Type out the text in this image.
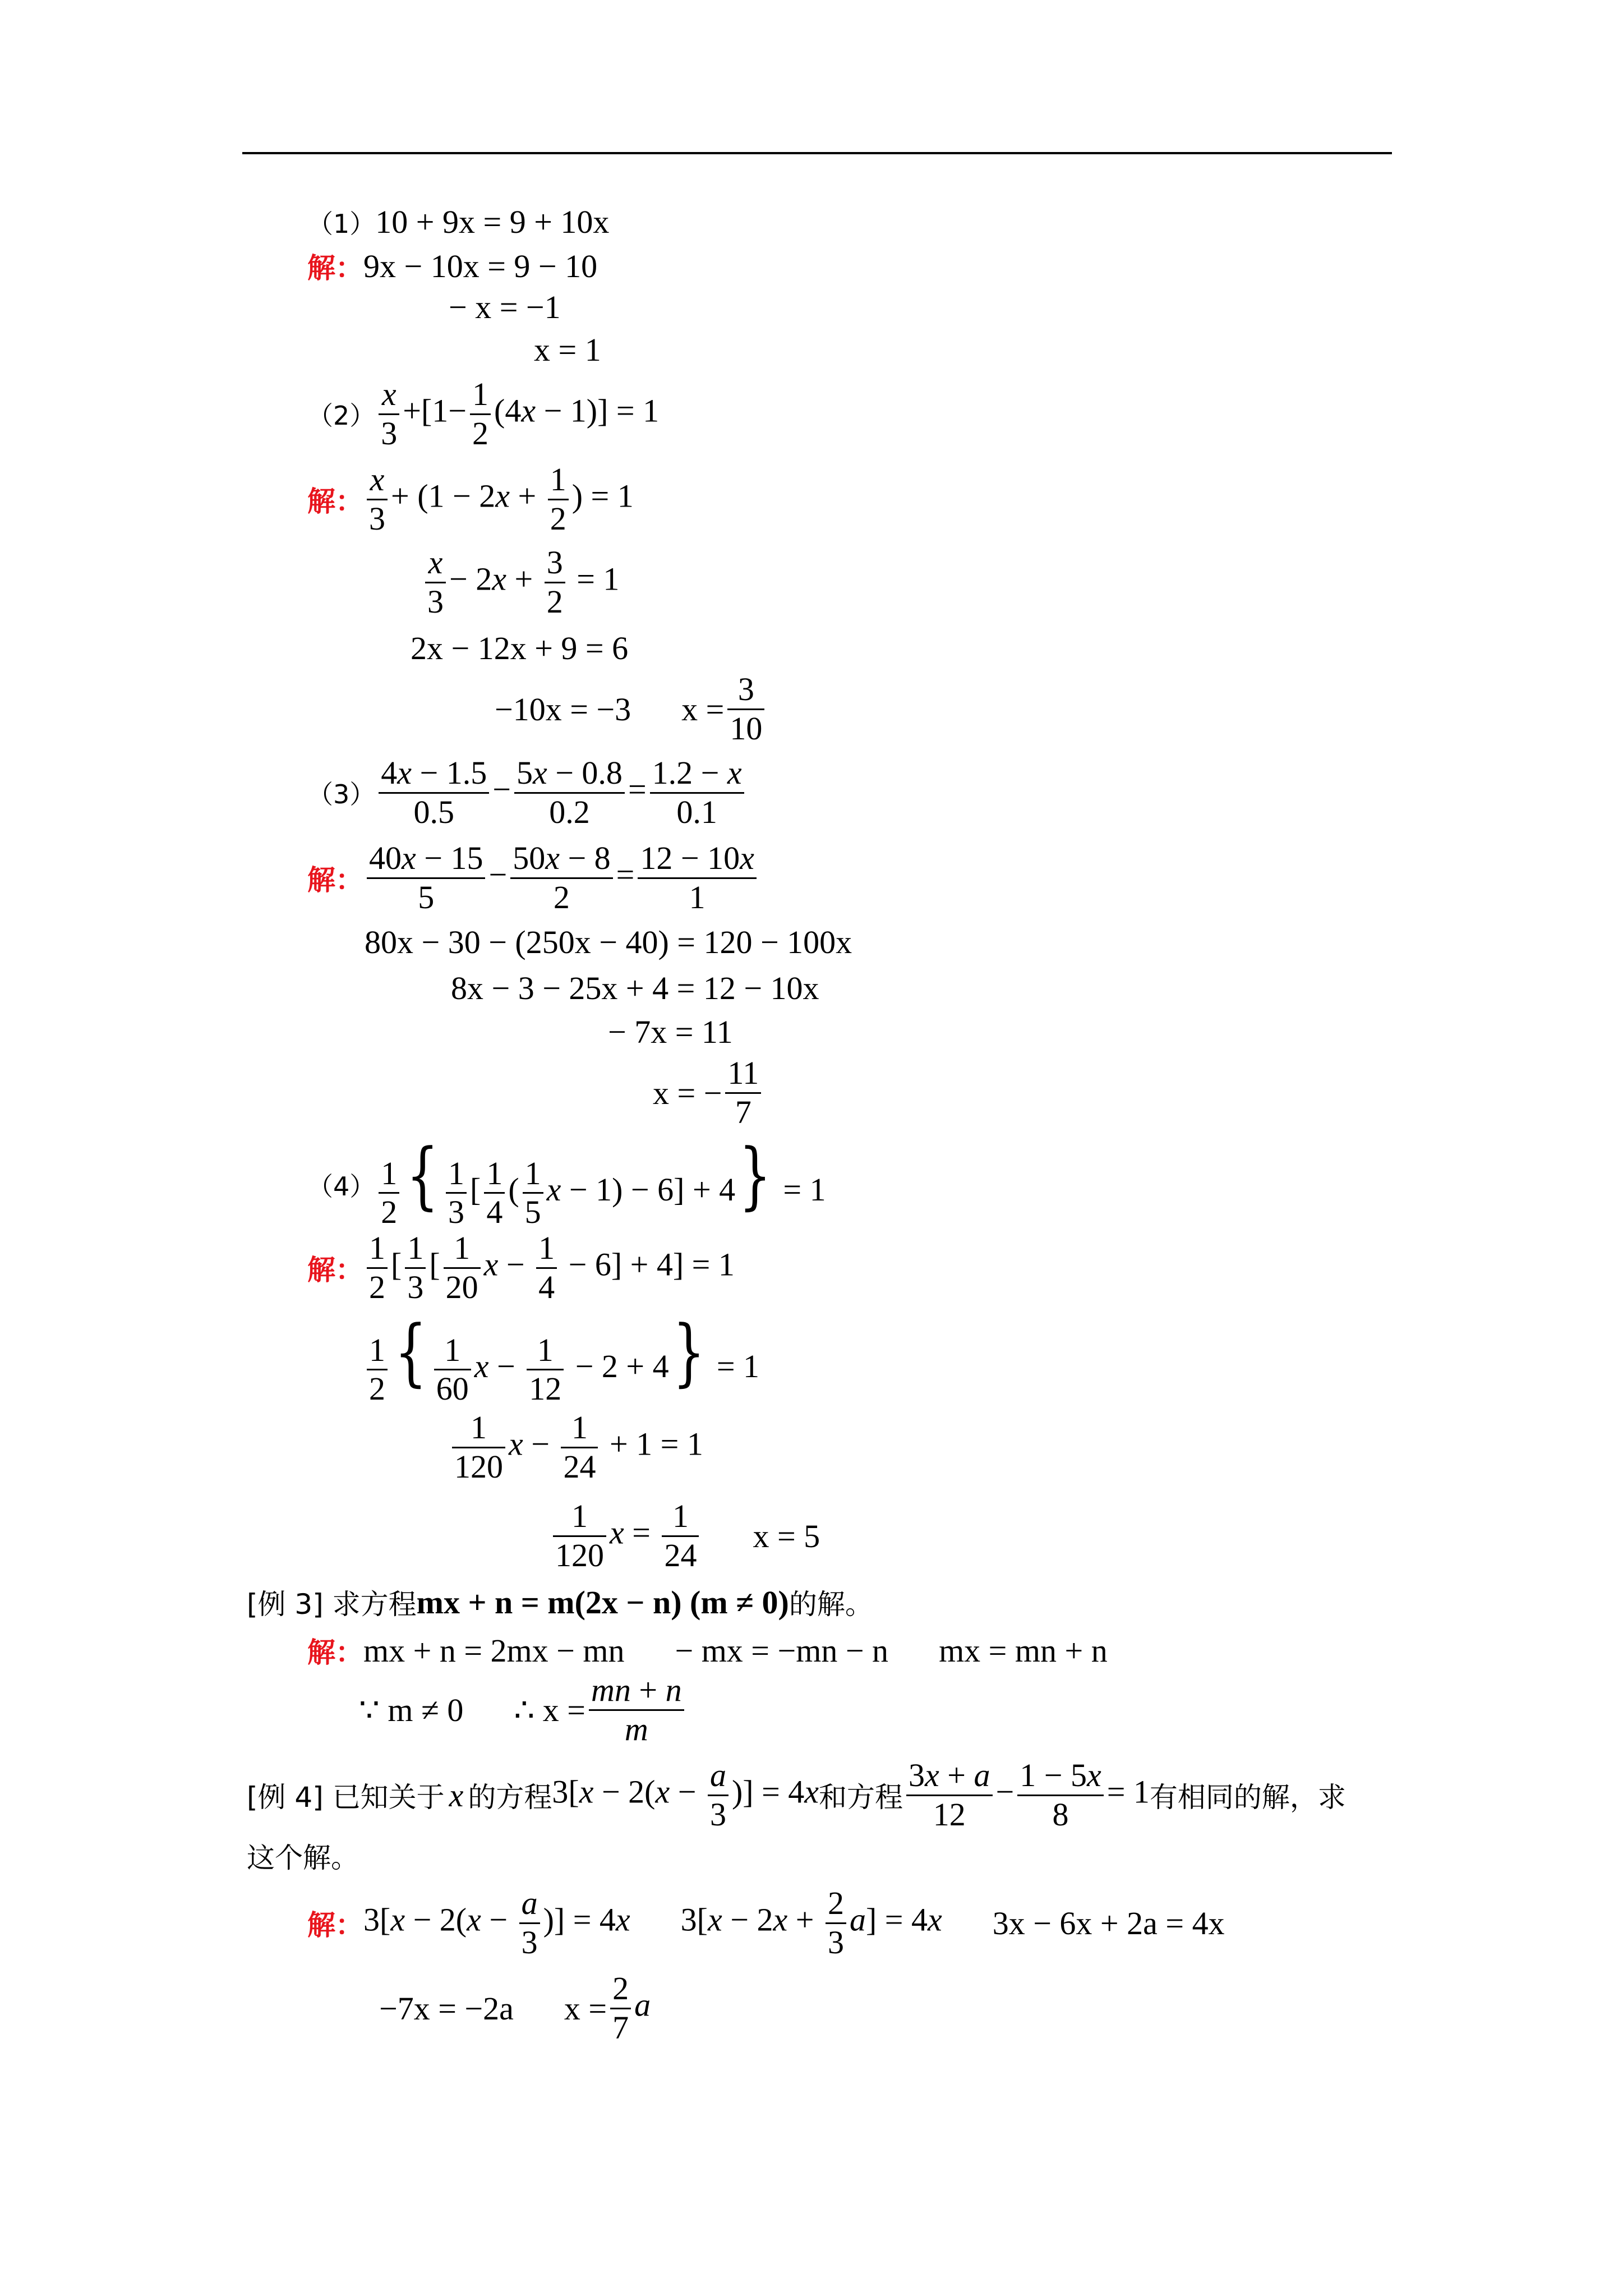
（1） 10 + 9x = 9 + 10x
解： 9x − 10x = 9 − 10
− x = −1
x = 1
$(2) \frac{x}{3} +[1- \frac{1}{2} (4x - 1)] = 1$
解： $\frac{x}{3} + (1 - 2x + \frac{1}{2}$ ) = 1
$\frac{x}{3} - 2x + \frac{3}{2} = 1$
2x − 12x + 9 = 6
−10x = −3 $x = \frac{3}{10}$
$(3) \frac{4x - 1.5}{0.5} - \frac{5x - 0.8}{0.2} = \frac{1.2 - x}{0.1}$
解： $\frac{40x - 15}{5} - \frac{50x - 8}{2} = \frac{12 - 10x}{1}$
80x − 30 − (250x − 40) = 120 − 100x
8x − 3 − 25x + 4 = 12 − 10x
− 7x = 11
x = − $\frac{11}{7}$
$(4) \frac{1}{2}$ { $\frac{1}{3}$ [ $\frac{1}{4}$ ( $\frac{1}{5}$ x − 1) − 6] + 4} = 1
解： $\frac{1}{2}$ [ $\frac{1}{3}$ [ $\frac{1}{20}$ $x - \frac{1}{4} - 6] + 4] = 1$
$\frac{1}{2}$ { $\frac{1}{60}$ $x - \frac{1}{12} - 2 + 4\} = 1$
$\frac{1}{120}$ $x - \frac{1}{24} + 1 = 1$
$\frac{1}{120}$ $x = \frac{1}{24}$ x = 5
[例 3] 求方程 mx + n = m(2x − n) (m ≠ 0) 的解。
解： mx + n = 2mx − mn − mx = −mn − n mx = mn + n
∵ m ≠ 0 ∴ $x = \frac{mn + n}{m}$
[例 4] 已知关于 x 的方程 $3[x - 2(x - \frac{a}{3}$ )] = 4x 和方程 $\frac{3x + a}{12} - \frac{1 - 5x}{8} = 1$ 有相同的解，求
这个解。
解： $3[x - 2(x - \frac{a}{3}$ )] = 4x $3[x - 2x + \frac{2}{3} a] = 4x$ 3x − 6x + 2a = 4x
−7x = −2a $x = \frac{2}{7}$ a
